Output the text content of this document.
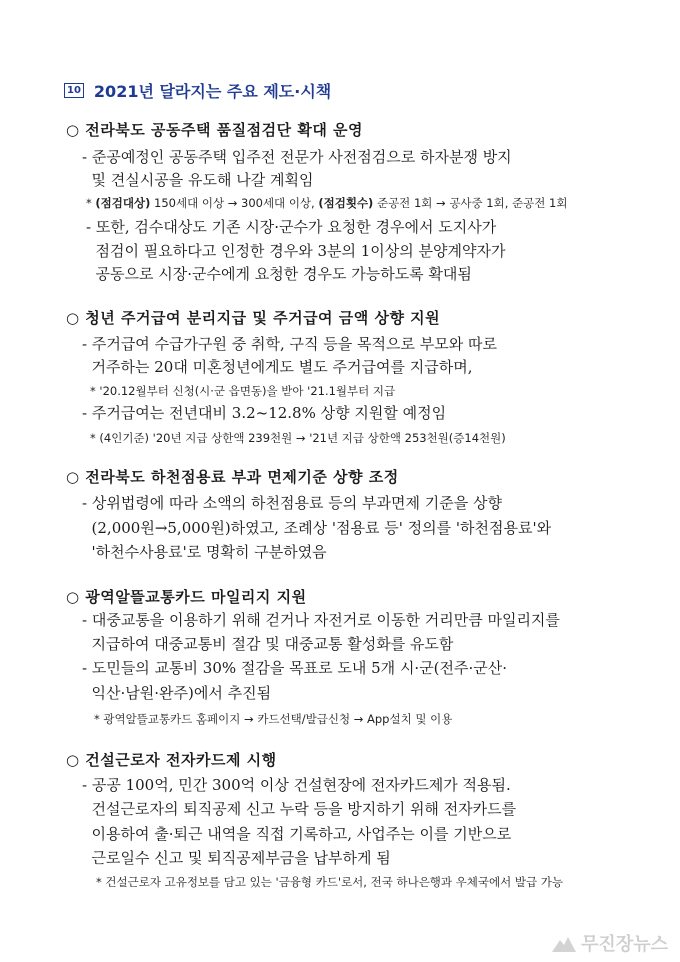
10 2021년 달라지는 주요 제도·시책
○ 전라북도 공동주택 품질점검단 확대 운영
- 준공예정인 공동주택 입주전 전문가 사전점검으로 하자분쟁 방지
및 견실시공을 유도해 나갈 계획임
* (점검대상) 150세대 이상 → 300세대 이상, (점검횟수) 준공전 1회 → 공사중 1회, 준공전 1회
- 또한, 검수대상도 기존 시장·군수가 요청한 경우에서 도지사가
점검이 필요하다고 인정한 경우와 3분의 1이상의 분양계약자가
공동으로 시장·군수에게 요청한 경우도 가능하도록 확대됨
○ 청년 주거급여 분리지급 및 주거급여 금액 상향 지원
- 주거급여 수급가구원 중 취학, 구직 등을 목적으로 부모와 따로
거주하는 20대 미혼청년에게도 별도 주거급여를 지급하며,
* '20.12월부터 신청(시·군 읍면동)을 받아 '21.1월부터 지급
- 주거급여는 전년대비 3.2~12.8% 상향 지원할 예정임
* (4인기준) '20년 지급 상한액 239천원 → '21년 지급 상한액 253천원(증14천원)
○ 전라북도 하천점용료 부과 면제기준 상향 조정
- 상위법령에 따라 소액의 하천점용료 등의 부과면제 기준을 상향
(2,000원→5,000원)하였고, 조례상 '점용료 등' 정의를 '하천점용료'와
'하천수사용료'로 명확히 구분하였음
○ 광역알뜰교통카드 마일리지 지원
- 대중교통을 이용하기 위해 걷거나 자전거로 이동한 거리만큼 마일리지를
지급하여 대중교통비 절감 및 대중교통 활성화를 유도함
- 도민들의 교통비 30% 절감을 목표로 도내 5개 시·군(전주·군산·
익산·남원·완주)에서 추진됨
* 광역알뜰교통카드 홈페이지 → 카드선택/발급신청 → App설치 및 이용
○ 건설근로자 전자카드제 시행
- 공공 100억, 민간 300억 이상 건설현장에 전자카드제가 적용됨.
건설근로자의 퇴직공제 신고 누락 등을 방지하기 위해 전자카드를
이용하여 출·퇴근 내역을 직접 기록하고, 사업주는 이를 기반으로
근로일수 신고 및 퇴직공제부금을 납부하게 됨
* 건설근로자 고유정보를 담고 있는 '금융형 카드'로서, 전국 하나은행과 우체국에서 발급 가능
무진장뉴스
